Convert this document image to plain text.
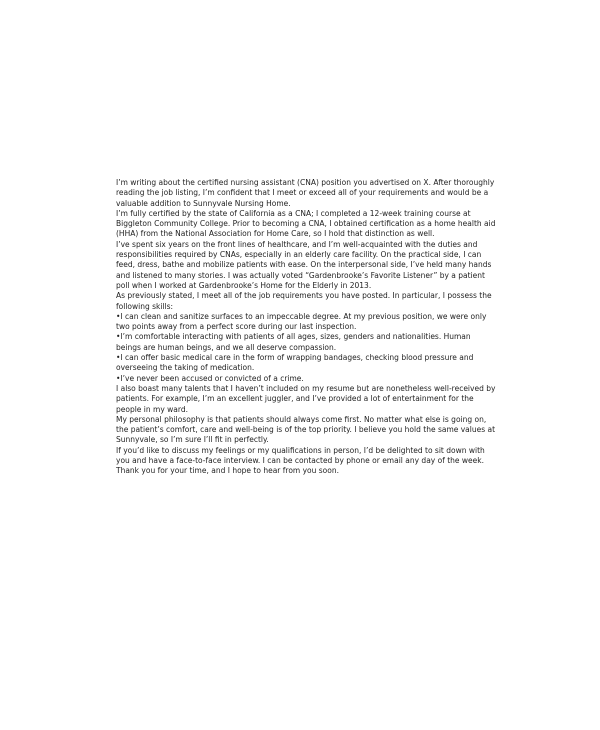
I’m writing about the certified nursing assistant (CNA) position you advertised on X. After thoroughly reading the job listing, I’m confident that I meet or exceed all of your requirements and would be a valuable addition to Sunnyvale Nursing Home.

I’m fully certified by the state of California as a CNA; I completed a 12-week training course at Biggleton Community College. Prior to becoming a CNA, I obtained certification as a home health aid (HHA) from the National Association for Home Care, so I hold that distinction as well.

I’ve spent six years on the front lines of healthcare, and I’m well-acquainted with the duties and responsibilities required by CNAs, especially in an elderly care facility. On the practical side, I can feed, dress, bathe and mobilize patients with ease. On the interpersonal side, I’ve held many hands and listened to many stories. I was actually voted “Gardenbrooke’s Favorite Listener” by a patient poll when I worked at Gardenbrooke’s Home for the Elderly in 2013.

As previously stated, I meet all of the job requirements you have posted. In particular, I possess the following skills:

•I can clean and sanitize surfaces to an impeccable degree. At my previous position, we were only two points away from a perfect score during our last inspection.

•I’m comfortable interacting with patients of all ages, sizes, genders and nationalities. Human beings are human beings, and we all deserve compassion.

•I can offer basic medical care in the form of wrapping bandages, checking blood pressure and overseeing the taking of medication.

•I’ve never been accused or convicted of a crime.

I also boast many talents that I haven’t included on my resume but are nonetheless well-received by patients. For example, I’m an excellent juggler, and I’ve provided a lot of entertainment for the people in my ward.

My personal philosophy is that patients should always come first. No matter what else is going on, the patient’s comfort, care and well-being is of the top priority. I believe you hold the same values at Sunnyvale, so I’m sure I’ll fit in perfectly.

If you’d like to discuss my feelings or my qualifications in person, I’d be delighted to sit down with you and have a face-to-face interview. I can be contacted by phone or email any day of the week. Thank you for your time, and I hope to hear from you soon.
